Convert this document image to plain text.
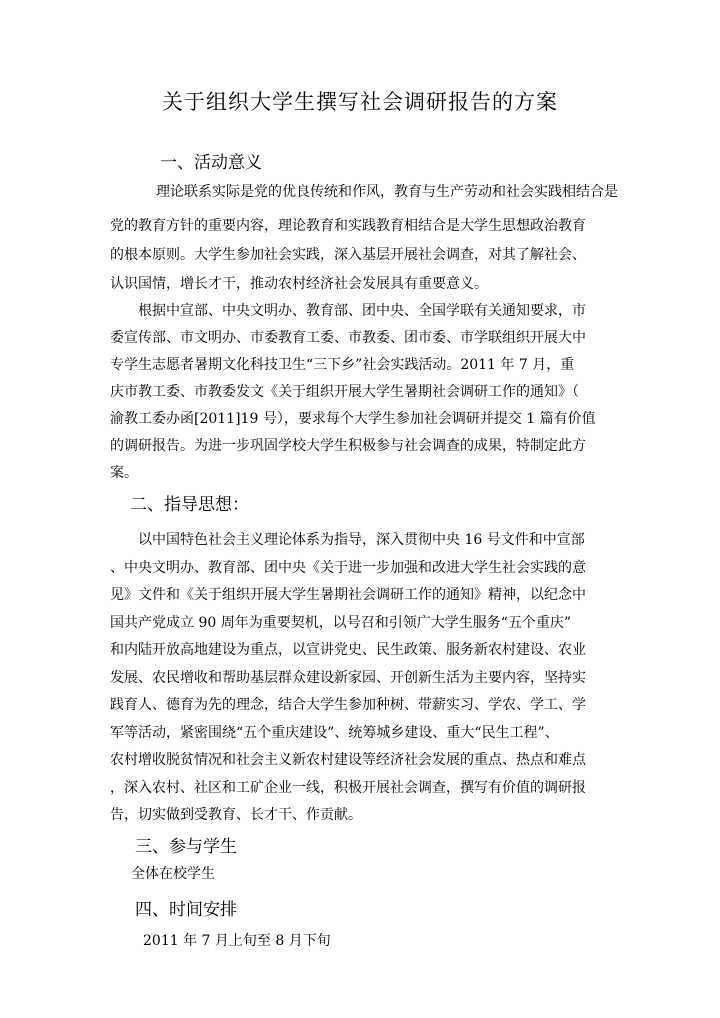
关于组织大学生撰写社会调研报告的方案
一、活动意义
理论联系实际是党的优良传统和作风，教育与生产劳动和社会实践相结合是
党的教育方针的重要内容，理论教育和实践教育相结合是大学生思想政治教育
的根本原则。大学生参加社会实践，深入基层开展社会调查，对其了解社会、
认识国情，增长才干，推动农村经济社会发展具有重要意义。
根据中宣部、中央文明办、教育部、团中央、全国学联有关通知要求，市
委宣传部、市文明办、市委教育工委、市教委、团市委、市学联组织开展大中
专学生志愿者暑期文化科技卫生“三下乡”社会实践活动。2011 年 7 月，重
庆市教工委、市教委发文《关于组织开展大学生暑期社会调研工作的通知》（
渝教工委办函[2011]19 号），要求每个大学生参加社会调研并提交 1 篇有价值
的调研报告。为进一步巩固学校大学生积极参与社会调查的成果，特制定此方
案。
二、指导思想：
以中国特色社会主义理论体系为指导，深入贯彻中央 16 号文件和中宣部
、中央文明办、教育部、团中央《关于进一步加强和改进大学生社会实践的意
见》文件和《关于组织开展大学生暑期社会调研工作的通知》精神，以纪念中
国共产党成立 90 周年为重要契机，以号召和引领广大学生服务“五个重庆”
和内陆开放高地建设为重点，以宣讲党史、民生政策、服务新农村建设、农业
发展、农民增收和帮助基层群众建设新家园、开创新生活为主要内容，坚持实
践育人、德育为先的理念，结合大学生参加种树、带薪实习、学农、学工、学
军等活动，紧密围绕“五个重庆建设”、统筹城乡建设、重大“民生工程”、
农村增收脱贫情况和社会主义新农村建设等经济社会发展的重点、热点和难点
，深入农村、社区和工矿企业一线，积极开展社会调查，撰写有价值的调研报
告，切实做到受教育、长才干、作贡献。
三、参与学生
全体在校学生
四、时间安排
2011 年 7 月上旬至 8 月下旬
